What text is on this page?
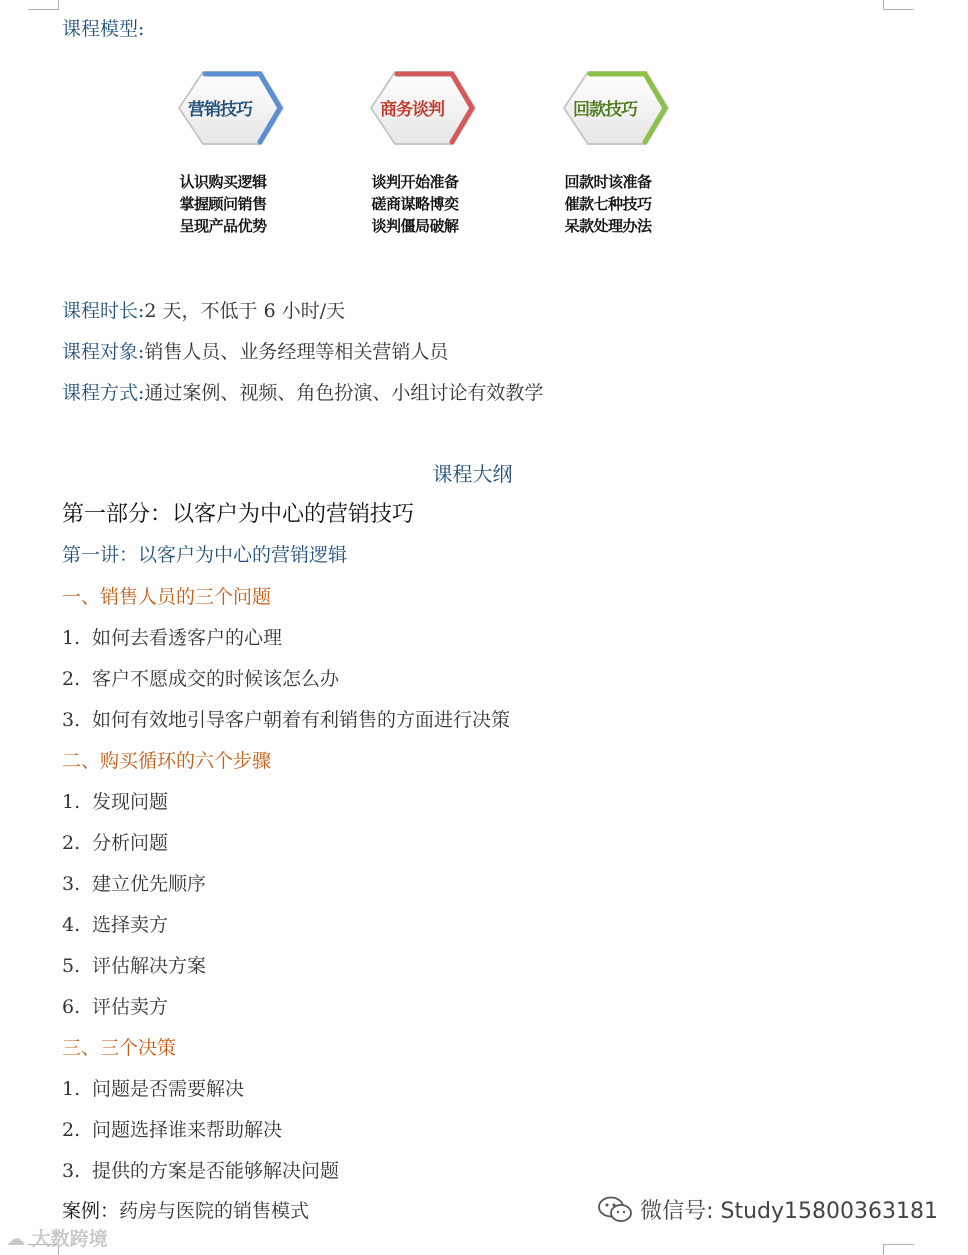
课程模型:
营销技巧
认识购买逻辑
掌握顾问销售
呈现产品优势
商务谈判
谈判开始准备
磋商谋略博奕
谈判僵局破解
回款技巧
回款时该准备
催款七种技巧
呆款处理办法
课程时长:2 天，不低于 6 小时/天
课程对象:销售人员、业务经理等相关营销人员
课程方式:通过案例、视频、角色扮演、小组讨论有效教学
课程大纲
第一部分：以客户为中心的营销技巧
第一讲：以客户为中心的营销逻辑
一、销售人员的三个问题
1. 如何去看透客户的心理
2. 客户不愿成交的时候该怎么办
3. 如何有效地引导客户朝着有利销售的方面进行决策
二、购买循环的六个步骤
1. 发现问题
2. 分析问题
3. 建立优先顺序
4. 选择卖方
5. 评估解决方案
6. 评估卖方
三、三个决策
1. 问题是否需要解决
2. 问题选择谁来帮助解决
3. 提供的方案是否能够解决问题
案例：药房与医院的销售模式	微信号: Study15800363181
☁ 大数跨境
